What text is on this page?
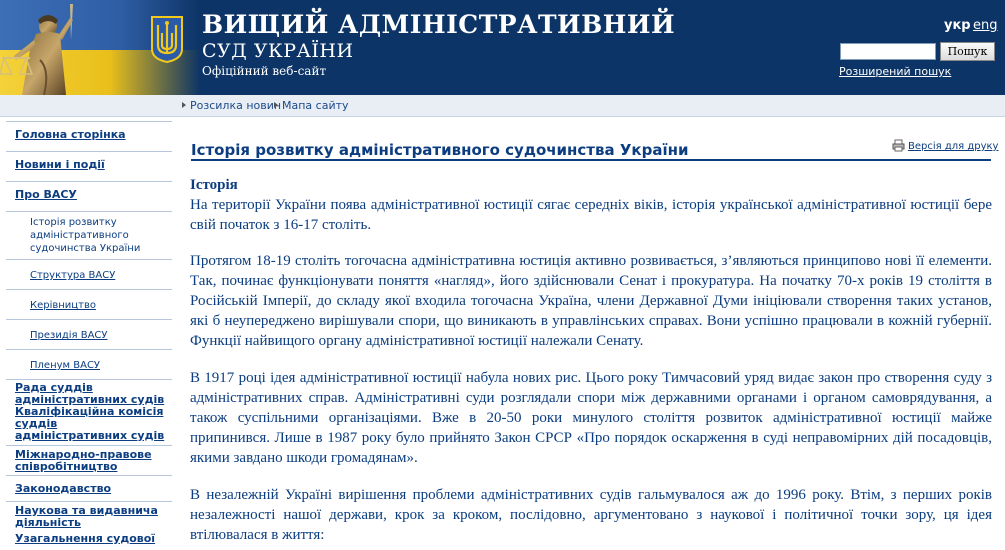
ВИЩИЙ АДМІНІСТРАТИВНИЙ
СУД УКРАЇНИ
Офіційний веб-сайт
укр eng
Пошук
Розширений пошук
Розсилка новин Мапа сайту
Головна сторінка
Новини і події
Про ВАСУ
Історія розвитку адміністративного судочинства України
Структура ВАСУ
Керівництво
Президія ВАСУ
Пленум ВАСУ
Рада суддів адміністративних судів
Кваліфікаційна комісія суддів адміністративних судів
Міжнародно-правове співробітництво
Законодавство
Наукова та видавнича діяльність
Узагальнення судової
Історія розвитку адміністративного судочинства України	Версія для друку
Історія

На території України поява адміністративної юстиції сягає середніх віків, історія української адміністративної юстиції бере свій початок з 16-17 століть.

Протягом 18-19 століть тогочасна адміністративна юстиція активно розвивається, з’являються принципово нові її елементи. Так, починає функціонувати поняття «нагляд», його здійснювали Сенат і прокуратура. На початку 70-х років 19 століття в Російській Імперії, до складу якої входила тогочасна Україна, члени Державної Думи ініціювали створення таких установ, які б неупереджено вирішували спори, що виникають в управлінських справах. Вони успішно працювали в кожній губернії. Функції найвищого органу адміністративної юстиції належали Сенату.

В 1917 році ідея адміністративної юстиції набула нових рис. Цього року Тимчасовий уряд видає закон про створення суду з адміністративних справ. Адміністративні суди розглядали спори між державними органами і органом самоврядування, а також суспільними організаціями. Вже в 20-50 роки минулого століття розвиток адміністративної юстиції майже припинився. Лише в 1987 року було прийнято Закон СРСР «Про порядок оскарження в суді неправомірних дій посадовців, якими завдано шкоди громадянам».

В незалежній Україні вирішення проблеми адміністративних судів гальмувалося аж до 1996 року. Втім, з перших років незалежності нашої держави, крок за кроком, послідовно, аргументовано з наукової і політичної точки зору, ця ідея втілювалася в життя:
